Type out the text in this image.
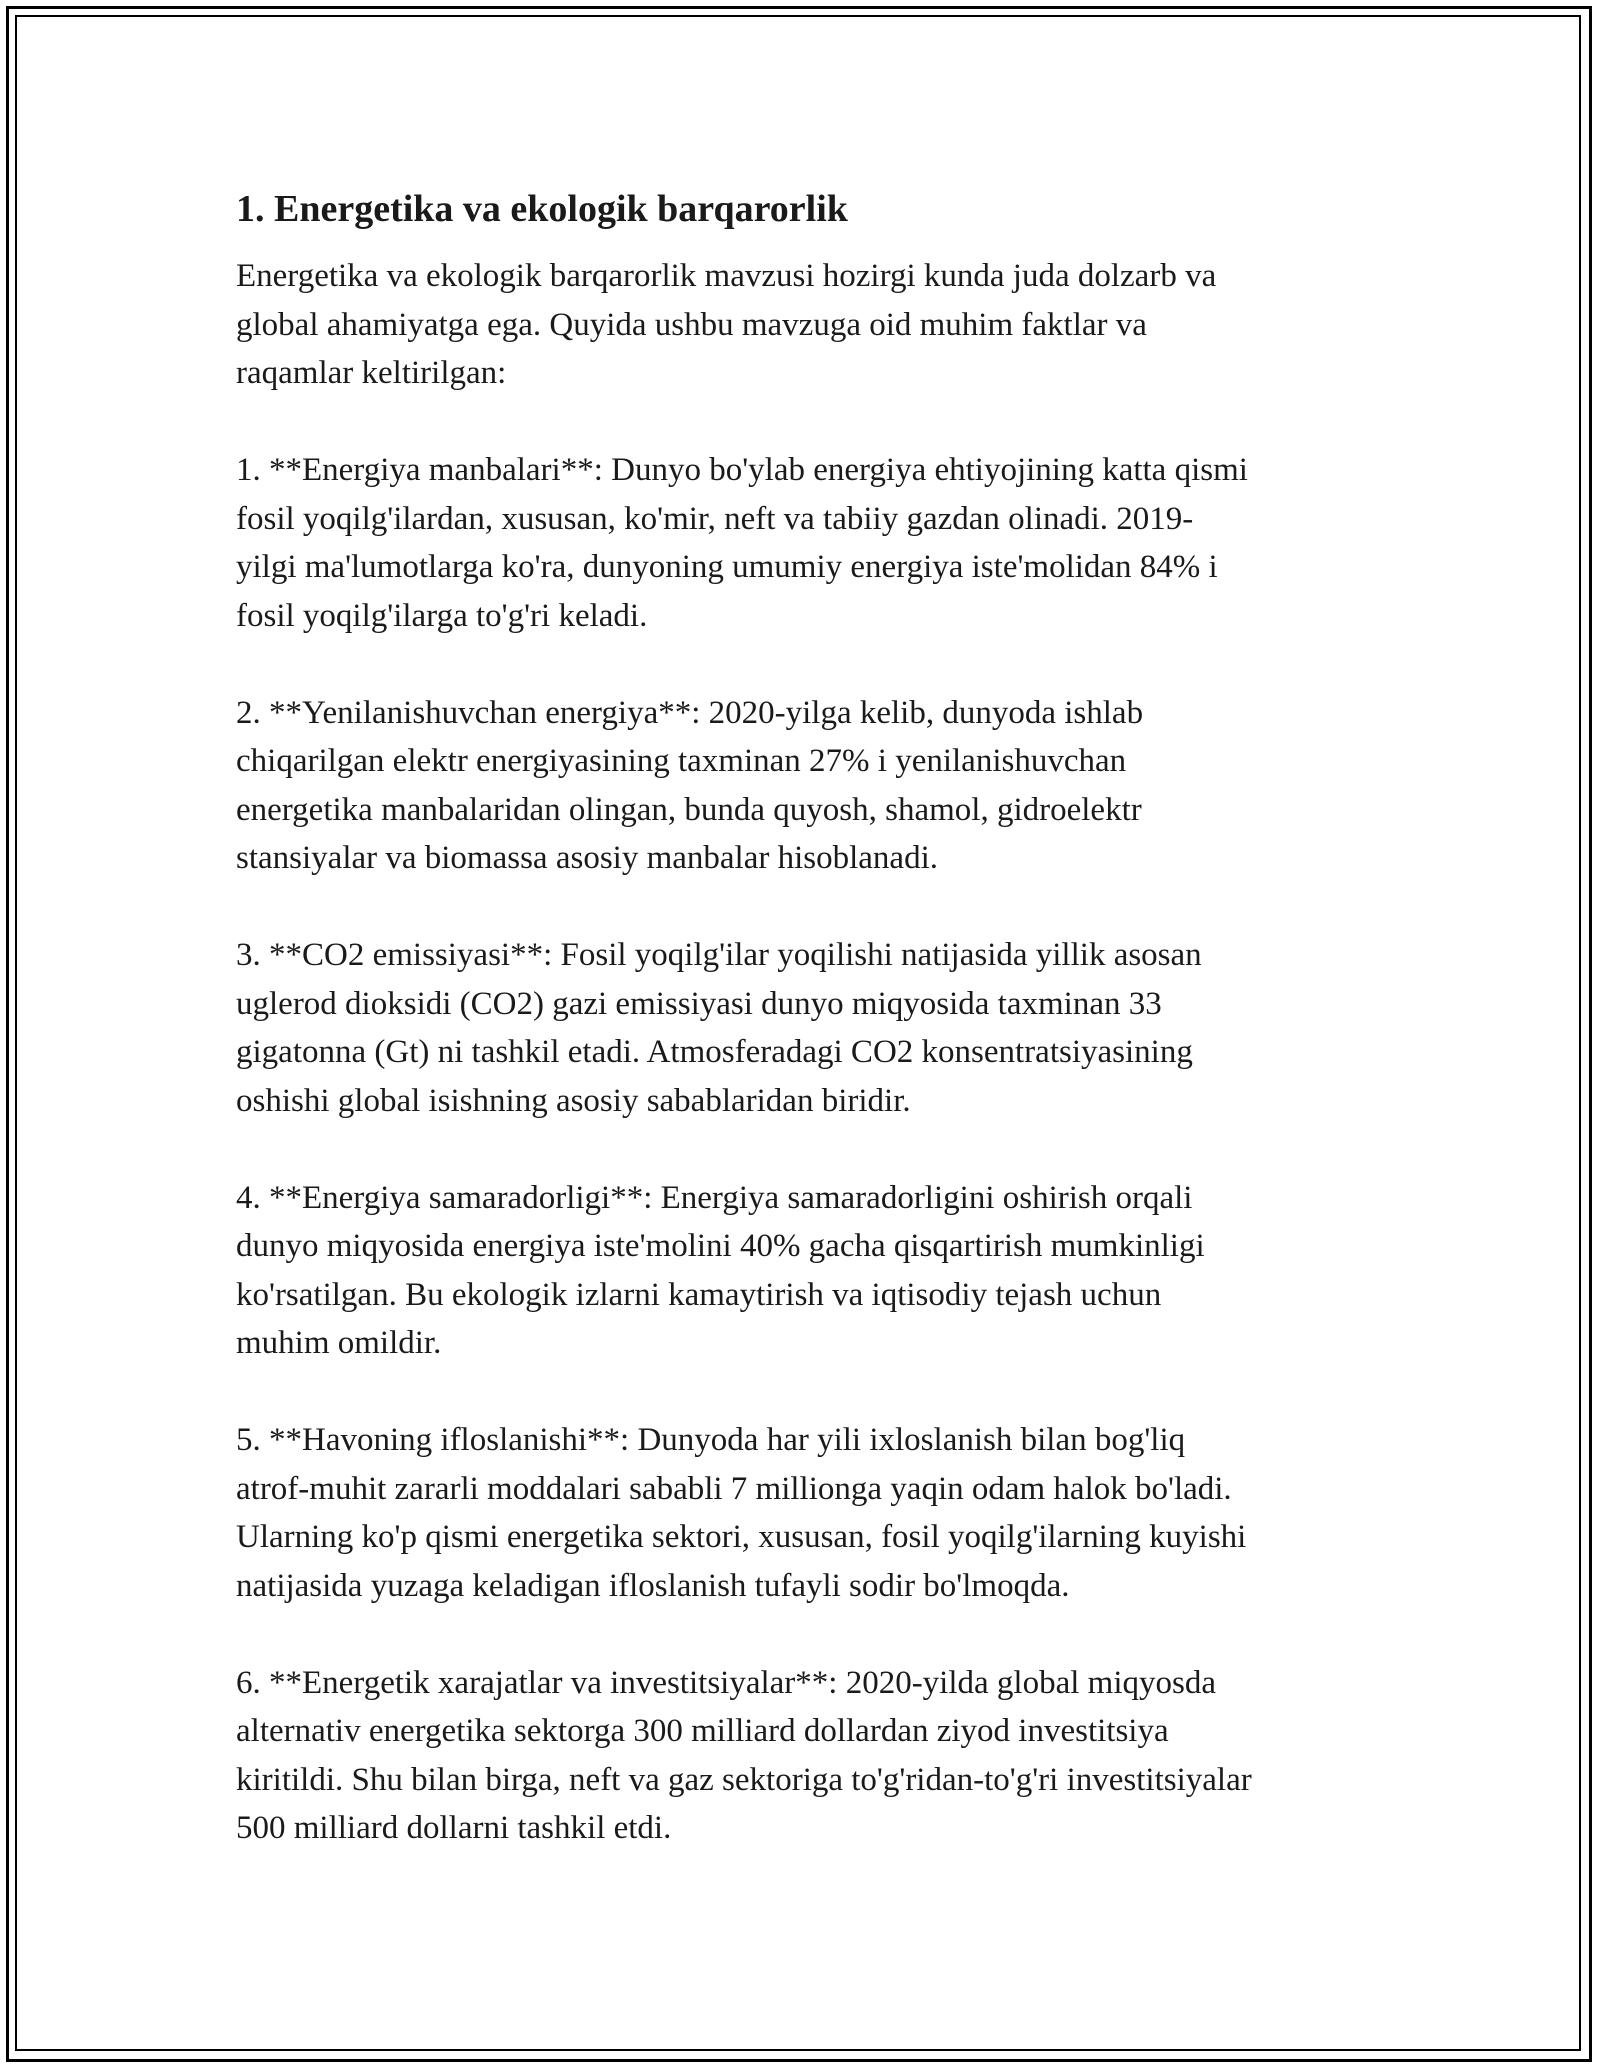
1. Energetika va ekologik barqarorlik

Energetika va ekologik barqarorlik mavzusi hozirgi kunda juda dolzarb va
global ahamiyatga ega. Quyida ushbu mavzuga oid muhim faktlar va
raqamlar keltirilgan:

1. **Energiya manbalari**: Dunyo bo'ylab energiya ehtiyojining katta qismi
fosil yoqilg'ilardan, xususan, ko'mir, neft va tabiiy gazdan olinadi. 2019-
yilgi ma'lumotlarga ko'ra, dunyoning umumiy energiya iste'molidan 84% i
fosil yoqilg'ilarga to'g'ri keladi.

2. **Yenilanishuvchan energiya**: 2020-yilga kelib, dunyoda ishlab
chiqarilgan elektr energiyasining taxminan 27% i yenilanishuvchan
energetika manbalaridan olingan, bunda quyosh, shamol, gidroelektr
stansiyalar va biomassa asosiy manbalar hisoblanadi.

3. **CO2 emissiyasi**: Fosil yoqilg'ilar yoqilishi natijasida yillik asosan
uglerod dioksidi (CO2) gazi emissiyasi dunyo miqyosida taxminan 33
gigatonna (Gt) ni tashkil etadi. Atmosferadagi CO2 konsentratsiyasining
oshishi global isishning asosiy sabablaridan biridir.

4. **Energiya samaradorligi**: Energiya samaradorligini oshirish orqali
dunyo miqyosida energiya iste'molini 40% gacha qisqartirish mumkinligi
ko'rsatilgan. Bu ekologik izlarni kamaytirish va iqtisodiy tejash uchun
muhim omildir.

5. **Havoning ifloslanishi**: Dunyoda har yili ixloslanish bilan bog'liq
atrof-muhit zararli moddalari sababli 7 millionga yaqin odam halok bo'ladi.
Ularning ko'p qismi energetika sektori, xususan, fosil yoqilg'ilarning kuyishi
natijasida yuzaga keladigan ifloslanish tufayli sodir bo'lmoqda.

6. **Energetik xarajatlar va investitsiyalar**: 2020-yilda global miqyosda
alternativ energetika sektorga 300 milliard dollardan ziyod investitsiya
kiritildi. Shu bilan birga, neft va gaz sektoriga to'g'ridan-to'g'ri investitsiyalar
500 milliard dollarni tashkil etdi.
